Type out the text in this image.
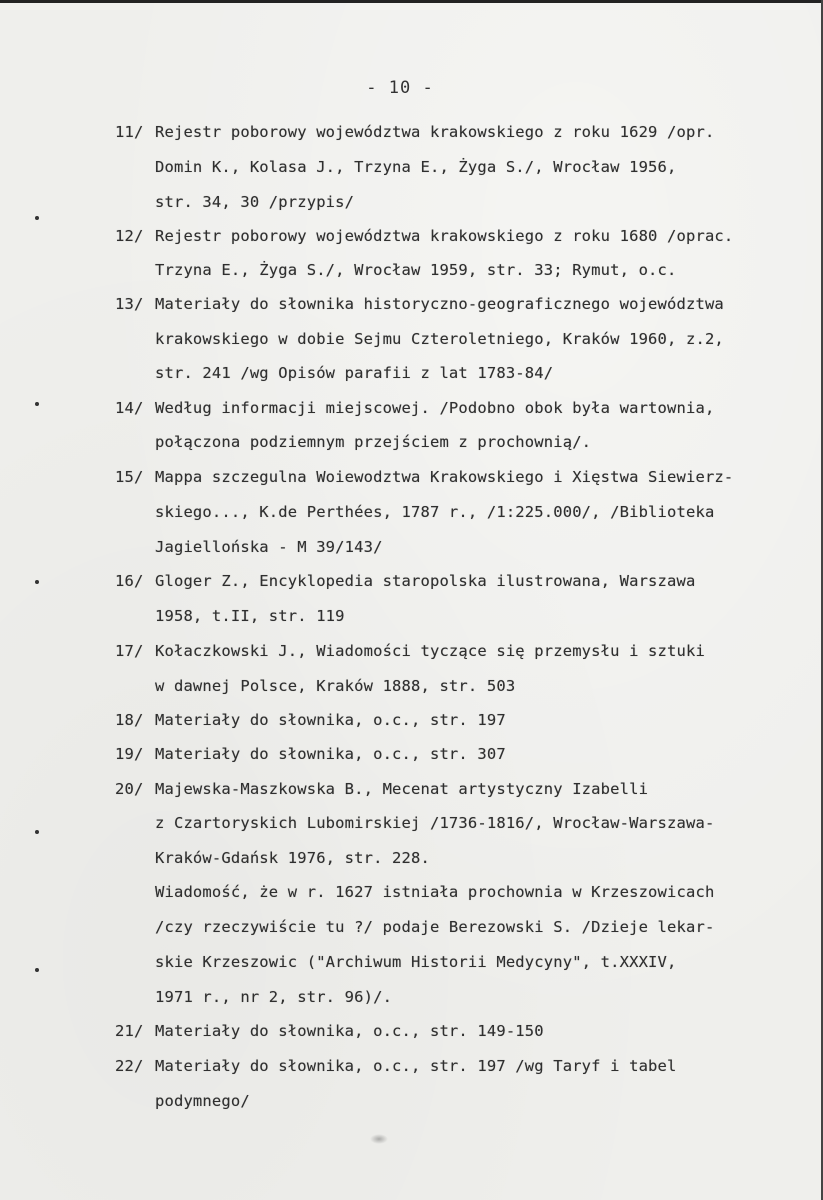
- 10 -
11/ Rejestr poborowy województwa krakowskiego z roku 1629 /opr.
Domin K., Kolasa J., Trzyna E., Żyga S./, Wrocław 1956,
str. 34, 30 /przypis/
12/ Rejestr poborowy województwa krakowskiego z roku 1680 /oprac.
Trzyna E., Żyga S./, Wrocław 1959, str. 33; Rymut, o.c.
13/ Materiały do słownika historyczno-geograficznego województwa
krakowskiego w dobie Sejmu Czteroletniego, Kraków 1960, z.2,
str. 241 /wg Opisów parafii z lat 1783-84/
14/ Według informacji miejscowej. /Podobno obok była wartownia,
połączona podziemnym przejściem z prochownią/.
15/ Mappa szczegulna Woiewodztwa Krakowskiego i Xięstwa Siewierz-
skiego..., K.de Perthées, 1787 r., /1:225.000/, /Biblioteka
Jagiellońska - M 39/143/
16/ Gloger Z., Encyklopedia staropolska ilustrowana, Warszawa
1958, t.II, str. 119
17/ Kołaczkowski J., Wiadomości tyczące się przemysłu i sztuki
w dawnej Polsce, Kraków 1888, str. 503
18/ Materiały do słownika, o.c., str. 197
19/ Materiały do słownika, o.c., str. 307
20/ Majewska-Maszkowska B., Mecenat artystyczny Izabelli
z Czartoryskich Lubomirskiej /1736-1816/, Wrocław-Warszawa-
Kraków-Gdańsk 1976, str. 228.
Wiadomość, że w r. 1627 istniała prochownia w Krzeszowicach
/czy rzeczywiście tu ?/ podaje Berezowski S. /Dzieje lekar-
skie Krzeszowic ("Archiwum Historii Medycyny", t.XXXIV,
1971 r., nr 2, str. 96)/.
21/ Materiały do słownika, o.c., str. 149-150
22/ Materiały do słownika, o.c., str. 197 /wg Taryf i tabel
podymnego/
